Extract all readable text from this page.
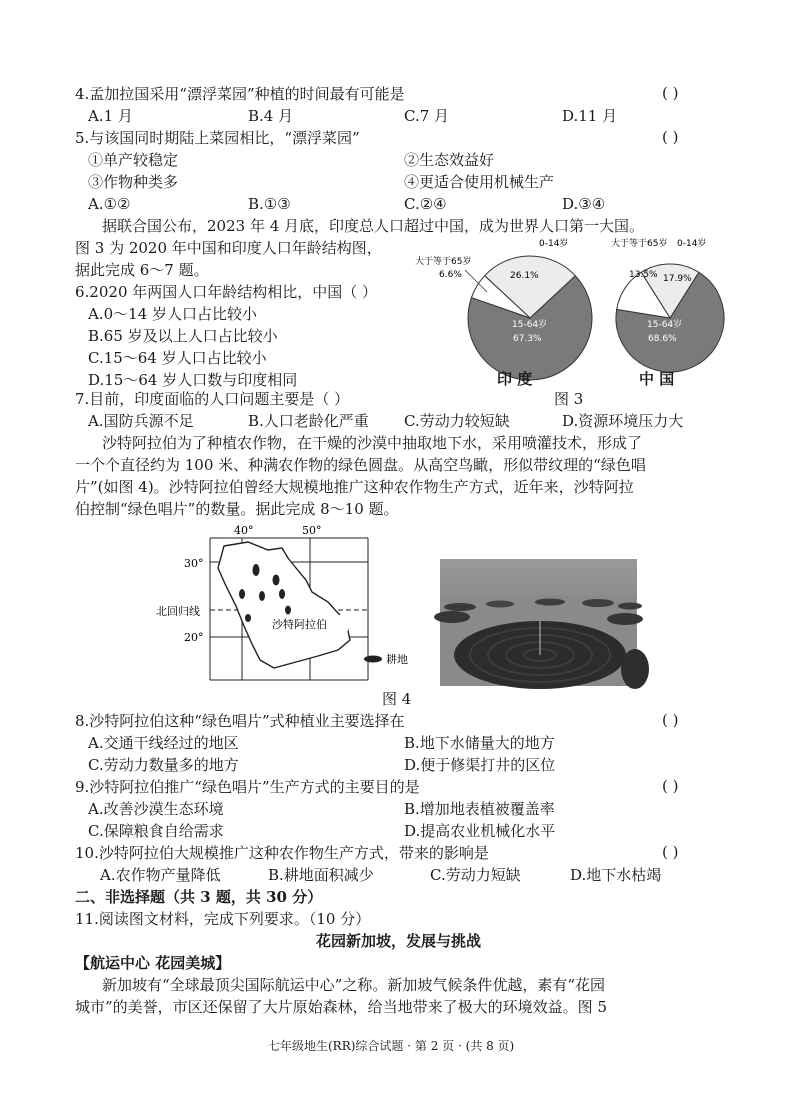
4.孟加拉国采用“漂浮菜园”种植的时间最有可能是	( )
A.1 月	B.4 月	C.7 月	D.11 月
5.与该国同时期陆上菜园相比，“漂浮菜园”	( )
①单产较稳定	②生态效益好
③作物种类多	④更适合使用机械生产
A.①②	B.①③	C.②④	D.③④
据联合国公布，2023 年 4 月底，印度总人口超过中国，成为世界人口第一大国。
图 3 为 2020 年中国和印度人口年龄结构图，
据此完成 6～7 题。
6.2020 年两国人口年龄结构相比，中国（ ）
A.0～14 岁人口占比较小
B.65 岁及以上人口占比较小
C.15～64 岁人口占比较小
D.15～64 岁人口数与印度相同
0-14岁
大于等于65岁
6.6%	26.1%
15-64岁
67.3%
大于等于65岁 0-14岁
13.5% 17.9%
15-64岁
68.6%
印 度	中 国
图 3
7.目前，印度面临的人口问题主要是（ ）
A.国防兵源不足	B.人口老龄化严重 C.劳动力较短缺	D.资源环境压力大
沙特阿拉伯为了种植农作物，在干燥的沙漠中抽取地下水，采用喷灌技术，形成了
一个个直径约为 100 米、种满农作物的绿色圆盘。从高空鸟瞰，形似带纹理的“绿色唱
片”(如图 4)。沙特阿拉伯曾经大规模地推广这种农作物生产方式，近年来，沙特阿拉
伯控制“绿色唱片”的数量。据此完成 8～10 题。
40°	50°
30°
20°
北回归线
沙特阿拉伯
耕地
图 4
8.沙特阿拉伯这种“绿色唱片”式种植业主要选择在	( )
A.交通干线经过的地区	B.地下水储量大的地方
C.劳动力数量多的地方	D.便于修渠打井的区位
9.沙特阿拉伯推广“绿色唱片”生产方式的主要目的是	( )
A.改善沙漠生态环境	B.增加地表植被覆盖率
C.保障粮食自给需求	D.提高农业机械化水平
10.沙特阿拉伯大规模推广这种农作物生产方式，带来的影响是	( )
A.农作物产量降低	B.耕地面积减少	C.劳动力短缺	D.地下水枯竭
二、非选择题（共 3 题，共 30 分）
11.阅读图文材料，完成下列要求。（10 分）
花园新加坡，发展与挑战
【航运中心 花园美城】
新加坡有“全球最顶尖国际航运中心”之称。新加坡气候条件优越，素有“花园
城市”的美誉，市区还保留了大片原始森林，给当地带来了极大的环境效益。图 5
七年级地生(RR)综合试题 · 第 2 页 · (共 8 页)
